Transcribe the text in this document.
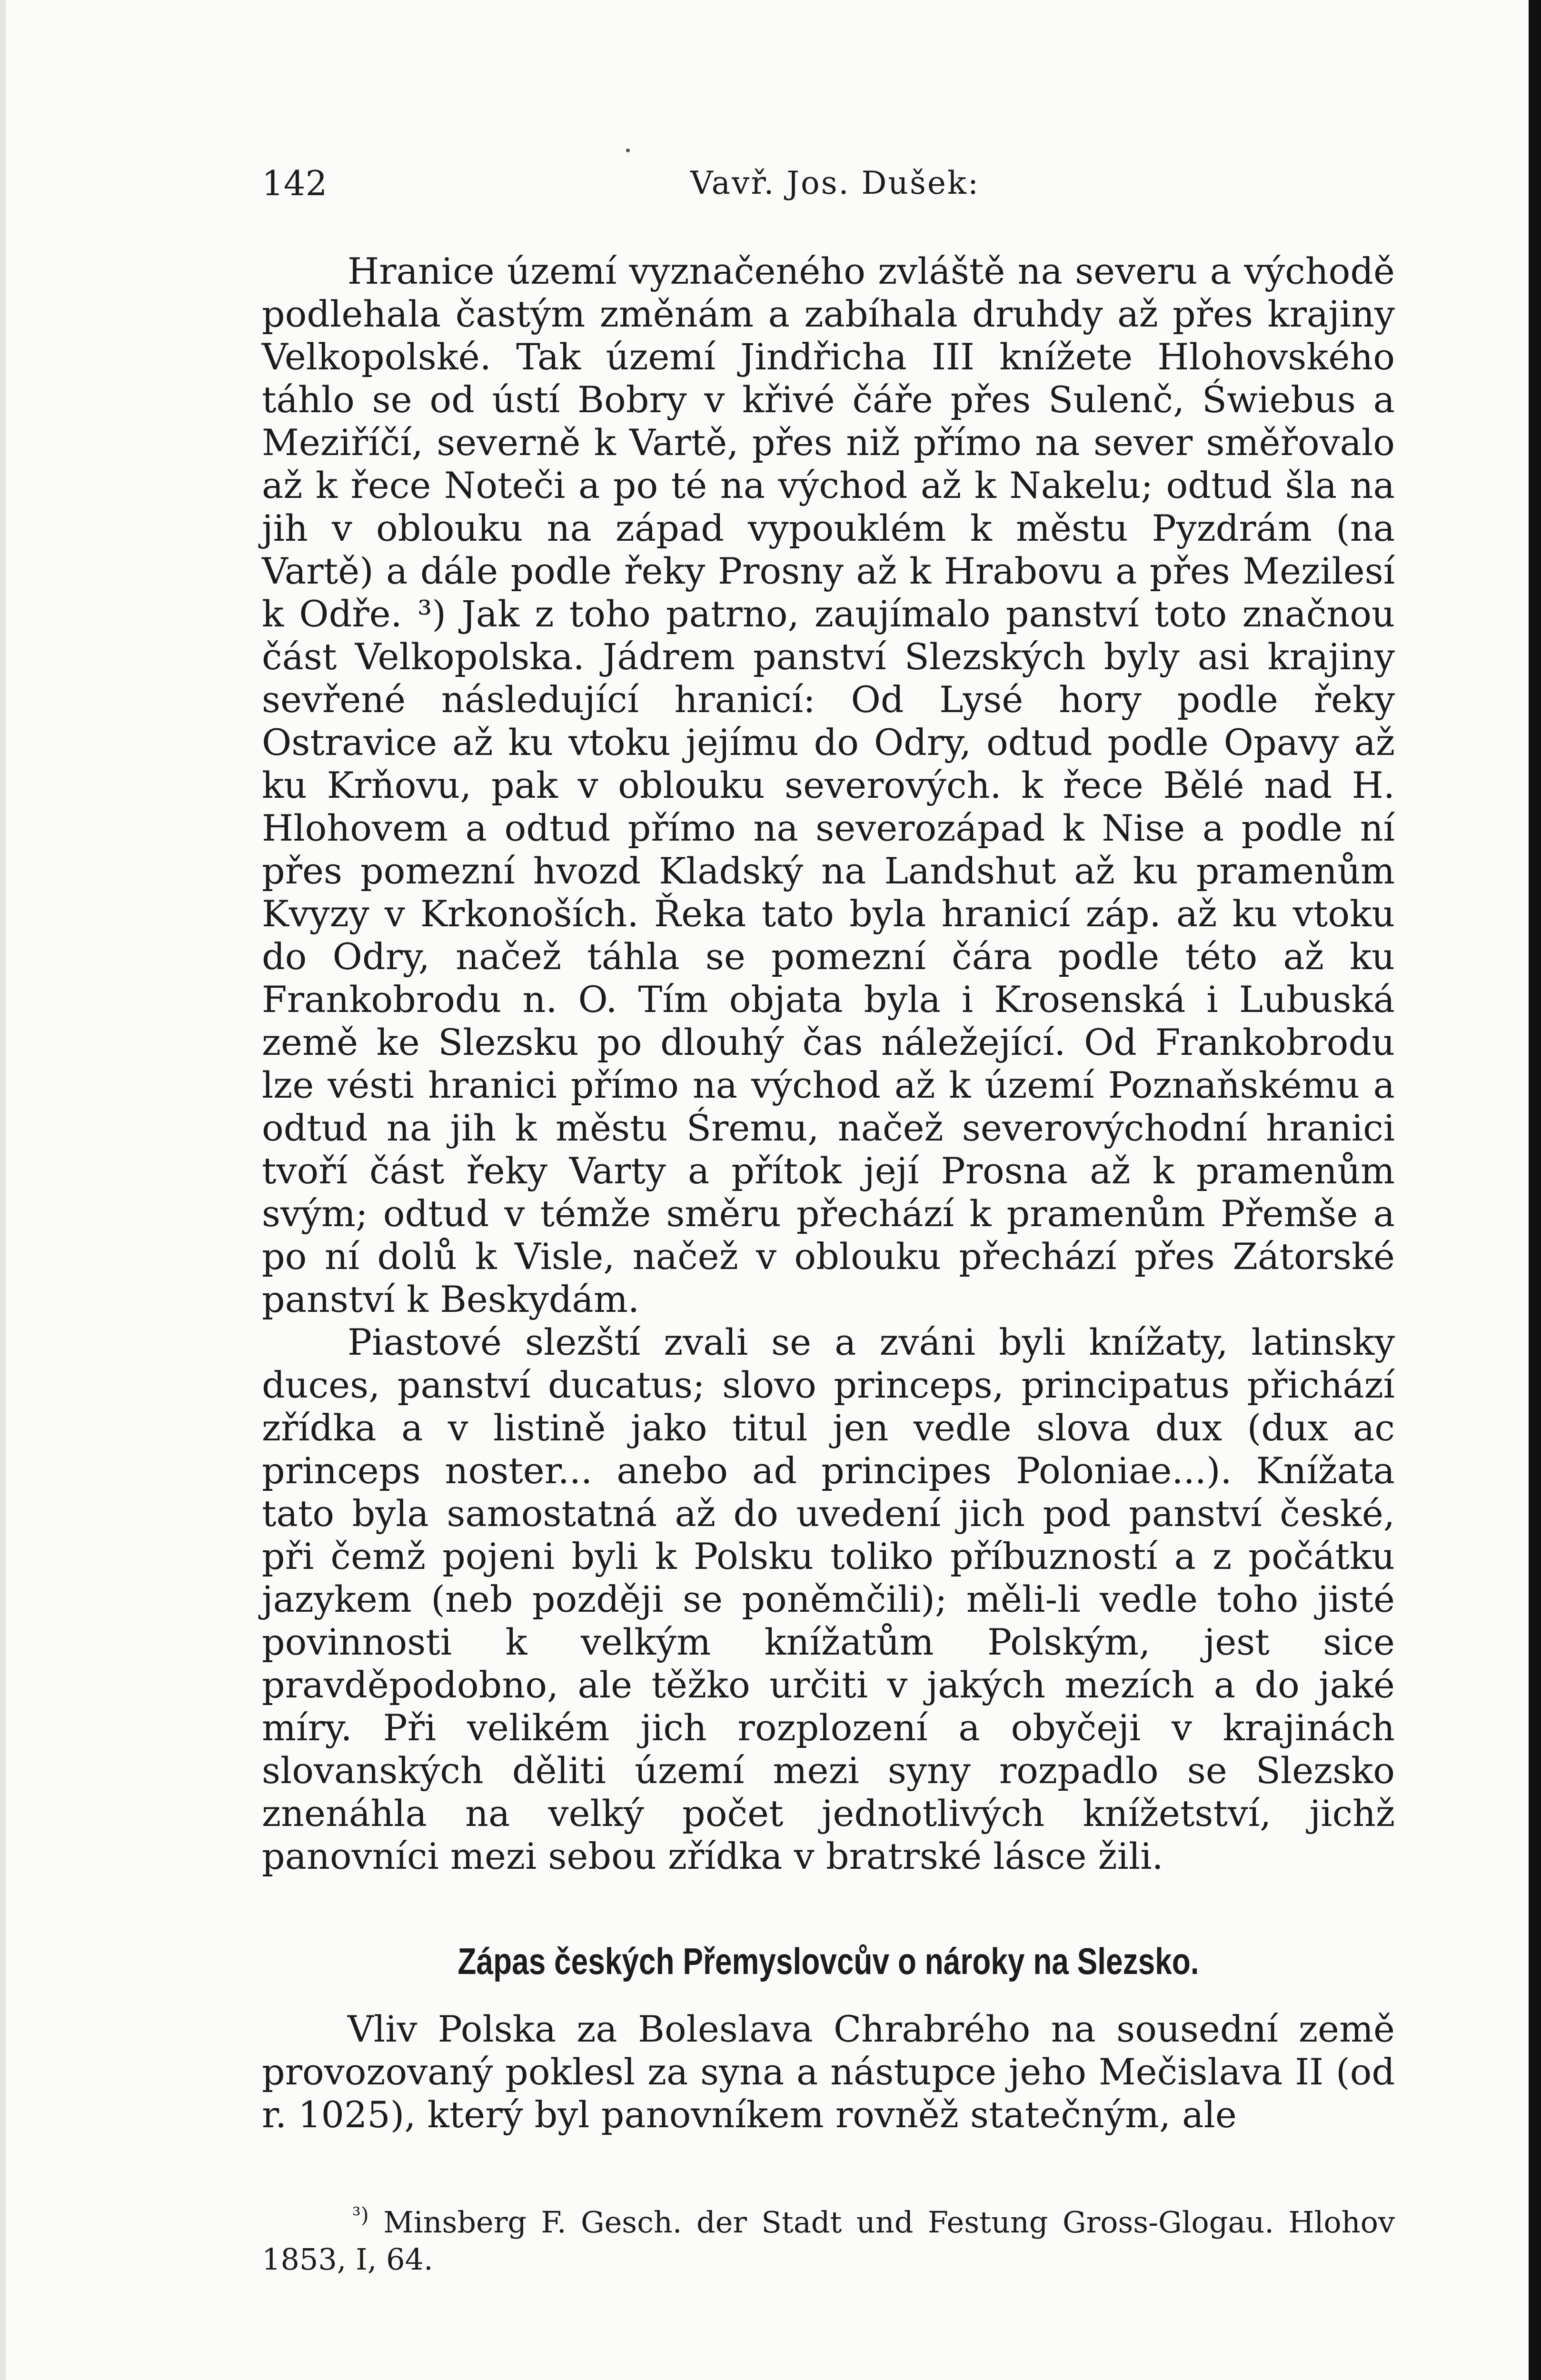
142	Vavř. Jos. Dušek:

Hranice území vyznačeného zvláště na severu a východě podlehala častým změnám a zabíhala druhdy až přes krajiny Velkopolské. Tak území Jindřicha III knížete Hlohovského táhlo se od ústí Bobry v křivé čáře přes Sulenč, Świebus a Meziříčí, severně k Vartě, přes niž přímo na sever směřovalo až k řece Noteči a po té na východ až k Nakelu; odtud šla na jih v oblouku na západ vypouklém k městu Pyzdrám (na Vartě) a dále podle řeky Prosny až k Hrabovu a přes Mezilesí k Odře. ³) Jak z toho patrno, zaujímalo panství toto značnou část Velkopolska. Jádrem panství Slezských byly asi krajiny sevřené následující hranicí: Od Lysé hory podle řeky Ostravice až ku vtoku jejímu do Odry, odtud podle Opavy až ku Krňovu, pak v oblouku severových. k řece Bělé nad H. Hlohovem a odtud přímo na severozápad k Nise a podle ní přes pomezní hvozd Kladský na Landshut až ku pramenům Kvyzy v Krkonoších. Řeka tato byla hranicí záp. až ku vtoku do Odry, načež táhla se pomezní čára podle této až ku Frankobrodu n. O. Tím objata byla i Krosenská i Lubuská země ke Slezsku po dlouhý čas náležející. Od Frankobrodu lze vésti hranici přímo na východ až k území Poznaňskému a odtud na jih k městu Śremu, načež severovýchodní hranici tvoří část řeky Varty a přítok její Prosna až k pramenům svým; odtud v témže směru přechází k pramenům Přemše a po ní dolů k Visle, načež v oblouku přechází přes Zátorské panství k Beskydám.

Piastové slezští zvali se a zváni byli knížaty, latinsky duces, panství ducatus; slovo princeps, principatus přichází zřídka a v listině jako titul jen vedle slova dux (dux ac princeps noster... anebo ad principes Poloniae...). Knížata tato byla samostatná až do uvedení jich pod panství české, při čemž pojeni byli k Polsku toliko příbuzností a z počátku jazykem (neb později se poněmčili); měli-li vedle toho jisté povinnosti k velkým knížatům Polským, jest sice pravděpodobno, ale těžko určiti v jakých mezích a do jaké míry. Při velikém jich rozplození a obyčeji v krajinách slovanských děliti území mezi syny rozpadlo se Slezsko znenáhla na velký počet jednotlivých knížetství, jichž panovníci mezi sebou zřídka v bratrské lásce žili.

Zápas českých Přemyslovcův o nároky na Slezsko.

Vliv Polska za Boleslava Chrabrého na sousední země provozovaný poklesl za syna a nástupce jeho Mečislava II (od r. 1025), který byl panovníkem rovněž statečným, ale

$^{^3)}$ Minsberg F. Gesch. der Stadt und Festung Gross-Glogau. Hlohov 1853, I, 64.
